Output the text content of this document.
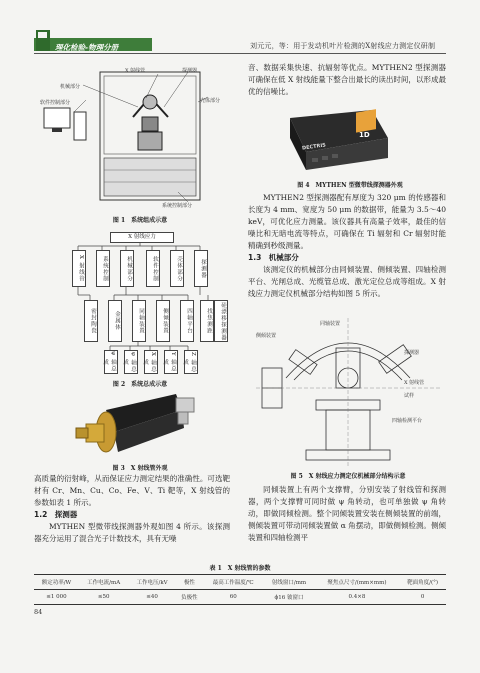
理化检验-物理分册	刘元元，等：用于发动机叶片检测的X射线应力测定仪研制
X 射线管	探测器
机械部分
软件控制部分	壳体部分
系统控制部分
图 1　系统组成示意
X 射线应力
X 射线管	系统控制	机械部分	软件控制	壳体部分	探测器
密封陶瓷	金属体	同轴装置	侧倾装置	四轴平台	找焦测距	硅漂移探测器
ψ 轴总成	φ 轴总成	X 轴总成	Y 轴总成	Z 轴总成
图 2　系统总成示意
图 3　X 射线管外观

高质量的衍射峰，从而保证应力测定结果的准确性。可选靶材有 Cr、Mn、Cu、Co、Fe、V、Ti 靶等，X 射线管的参数如表 1 所示。

1.2　探测器

MYTHEN 型微带线探测器外观如图 4 所示。该探测器充分运用了混合光子计数技术，具有无噪

音、数据采集快速、抗辐射等优点。MYTHEN2 型探测器可确保在低 X 射线能量下整合出最长的读出时间，以形成最优的信噪比。

DECTRIS
1D
图 4　MYTHEN 型微带线探测器外观

MYTHEN2 型探测器配有厚度为 320 μm 的传感器和长度为 4 mm、宽度为 50 μm 的数据带，能量为 3.5～40 keV，可优化应力测量。该仪器具有高量子效率，最佳的信噪比和无暗电流等特点，可确保在 Ti 辐射和 Cr 辐射时能精确到秒级测量。

1.3　机械部分

该测定仪的机械部分由同倾装置、侧倾装置、四轴检测平台、光闸总成、光缆管总成、激光定位总成等组成。X 射线应力测定仪机械部分结构如图 5 所示。

同轴装置
侧倾装置
探测器
X 射线管
试样
四轴检测平台
图 5　X 射线应力测定仪机械部分结构示意

同倾装置上有两个支撑臂，分别安装了射线管和探测器，两个支撑臂可同时做 ψ 角转动，也可单独做 ψ 角转动，即做同倾检测。整个同倾装置安装在侧倾装置的前端，侧倾装置可带动同倾装置做 α 角摆动，即做侧倾检测。侧倾装置和四轴检测平

表 1　X 射线管的参数
额定功率/W	工作电流/mA	工作电压/kV	极性	最高工作温度/℃	射线窗口/mm	聚焦点尺寸/(mm×mm)	靶面角度/(°)
≤1 000	≤50	≤40	负极性	60	ϕ16 铍窗口	0.4×8	0
84
